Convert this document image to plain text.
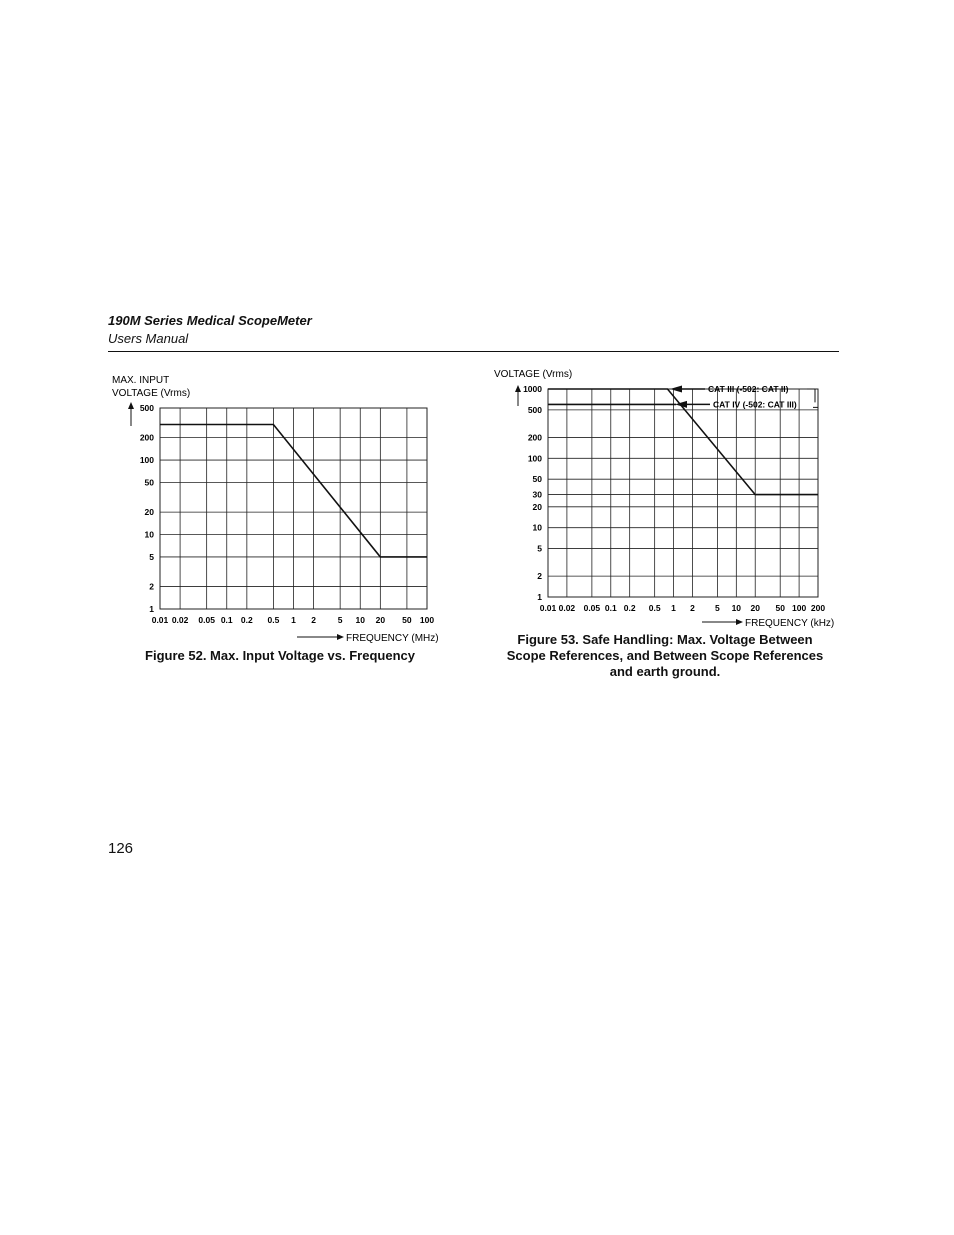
190M Series Medical ScopeMeter
Users Manual
0.01 0.02 0.05 0.1 0.2 0.5 1 2	5 10 20 50 100
500
200
100
50
20
10
5
2
1
MAX. INPUT
VOLTAGE (Vrms)
FREQUENCY (MHz)
Figure 52. Max. Input Voltage vs. Frequency
0.01 0.02 0.05 0.1 0.2 0.5 1 2 5 10 20 50 100 200
1000
500
200
100
50
30
20
10
5
2
1
VOLTAGE (Vrms)
FREQUENCY (kHz)
CAT III (-502: CAT II)
CAT IV (-502: CAT III)
Figure 53. Safe Handling: Max. Voltage Between
Scope References, and Between Scope References
and earth ground.
126
